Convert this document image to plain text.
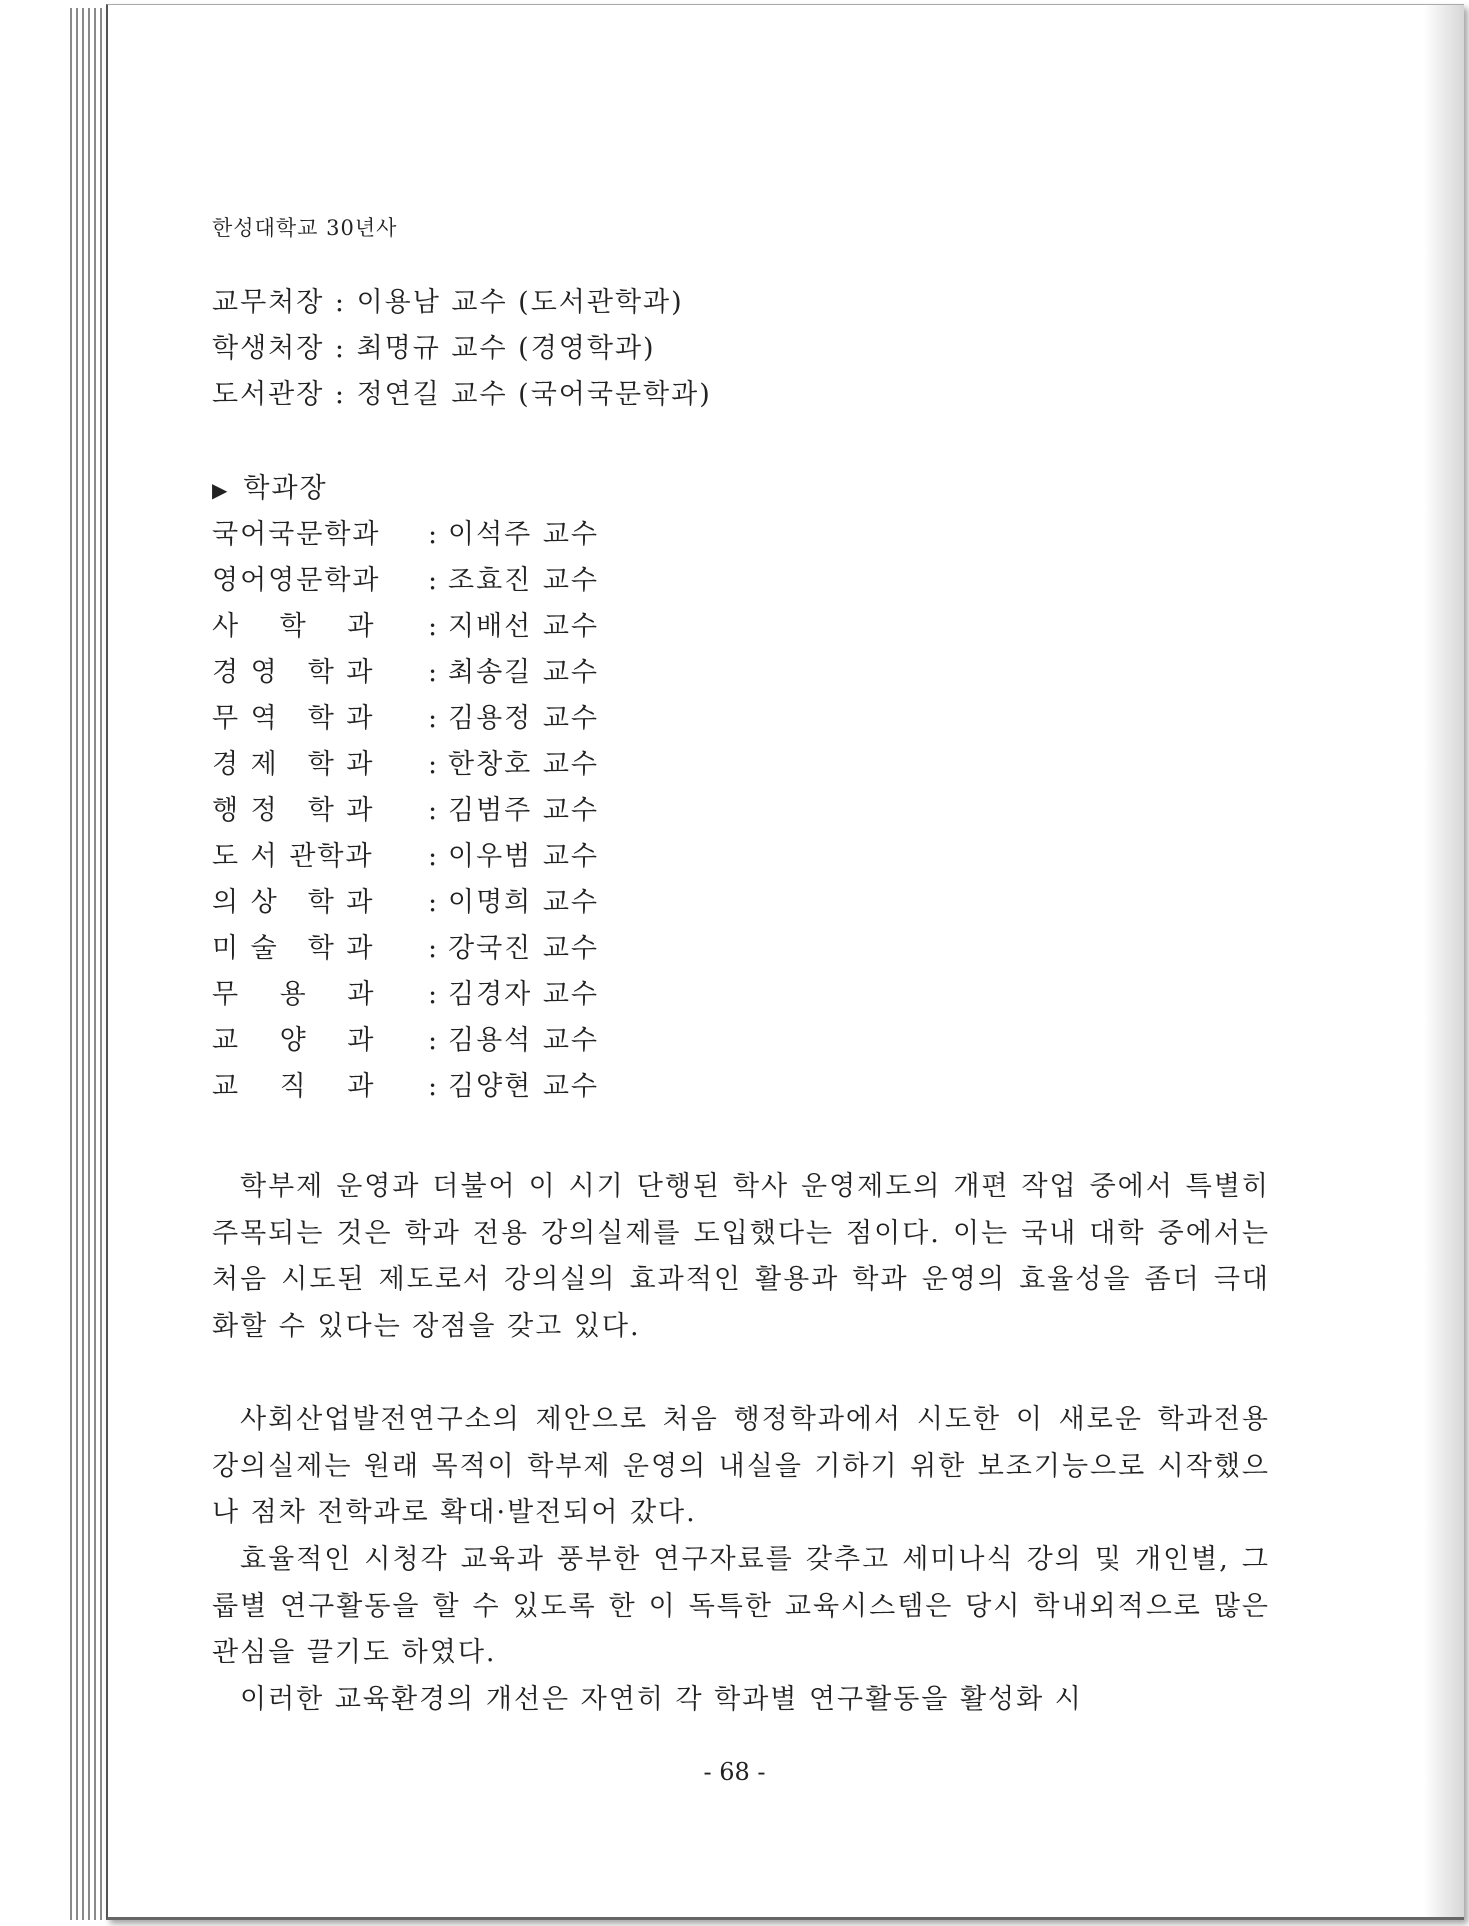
한성대학교 30년사
교무처장 : 이용남 교수 (도서관학과)
학생처장 : 최명규 교수 (경영학과)
도서관장 : 정연길 교수 (국어국문학과)
▶ 학과장
국어국문학과 : 이석주 교수
영어영문학과 : 조효진 교수
사　 학　 과 : 지배선 교수
경 영　학 과 : 최송길 교수
무 역　학 과 : 김용정 교수
경 제　학 과 : 한창호 교수
행 정　학 과 : 김범주 교수
도 서 관학과 : 이우범 교수
의 상　학 과 : 이명희 교수
미 술　학 과 : 강국진 교수
무　 용　 과 : 김경자 교수
교　 양　 과 : 김용석 교수
교　 직　 과 : 김양현 교수

학부제 운영과 더불어 이 시기 단행된 학사 운영제도의 개편 작업 중에서 특별히 주목되는 것은 학과 전용 강의실제를 도입했다는 점이다. 이는 국내 대학 중에서는 처음 시도된 제도로서 강의실의 효과적인 활용과 학과 운영의 효율성을 좀더 극대화할 수 있다는 장점을 갖고 있다.

사회산업발전연구소의 제안으로 처음 행정학과에서 시도한 이 새로운 학과전용 강의실제는 원래 목적이 학부제 운영의 내실을 기하기 위한 보조기능으로 시작했으나 점차 전학과로 확대·발전되어 갔다.

효율적인 시청각 교육과 풍부한 연구자료를 갖추고 세미나식 강의 및 개인별, 그룹별 연구활동을 할 수 있도록 한 이 독특한 교육시스템은 당시 학내외적으로 많은 관심을 끌기도 하였다.

이러한 교육환경의 개선은 자연히 각 학과별 연구활동을 활성화 시

- 68 -
